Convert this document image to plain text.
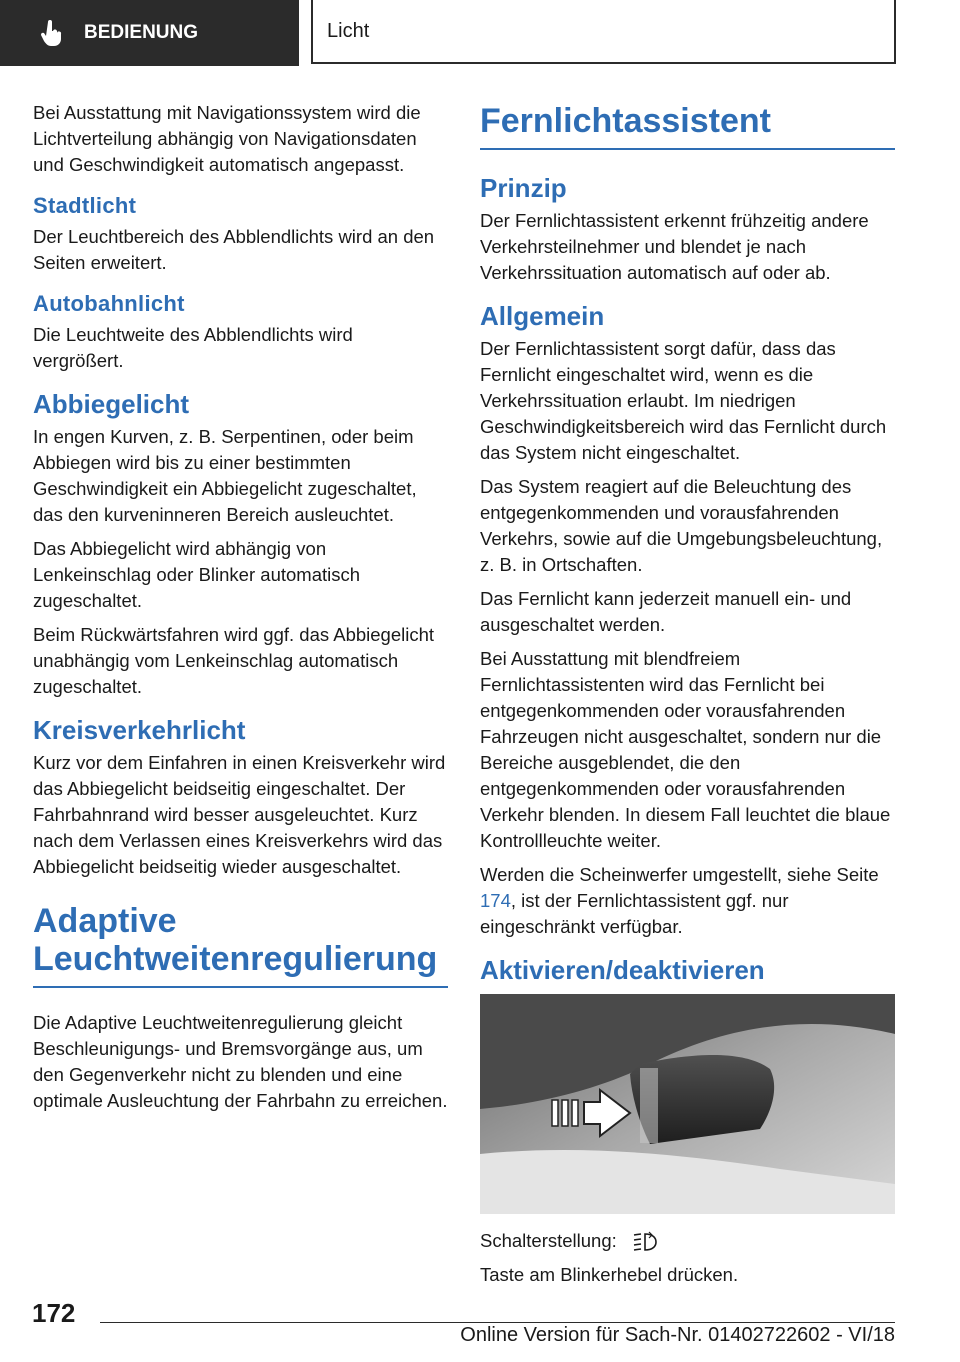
BEDIENUNG	Licht

Bei Ausstattung mit Navigationssystem wird die Lichtverteilung abhängig von Navigationsdaten und Geschwindigkeit automatisch angepasst.

Stadtlicht

Der Leuchtbereich des Abblendlichts wird an den Seiten erweitert.

Autobahnlicht

Die Leuchtweite des Abblendlichts wird vergrößert.

Abbiegelicht

In engen Kurven, z. B. Serpentinen, oder beim Abbiegen wird bis zu einer bestimmten Geschwindigkeit ein Abbiegelicht zugeschaltet, das den kurveninneren Bereich ausleuchtet.

Das Abbiegelicht wird abhängig von Lenkeinschlag oder Blinker automatisch zugeschaltet.

Beim Rückwärtsfahren wird ggf. das Abbiegelicht unabhängig vom Lenkeinschlag automatisch zugeschaltet.

Kreisverkehrlicht

Kurz vor dem Einfahren in einen Kreisverkehr wird das Abbiegelicht beidseitig eingeschaltet. Der Fahrbahnrand wird besser ausgeleuchtet. Kurz nach dem Verlassen eines Kreisverkehrs wird das Abbiegelicht beidseitig wieder ausgeschaltet.

Adaptive Leuchtweitenregulierung

Die Adaptive Leuchtweitenregulierung gleicht Beschleunigungs- und Bremsvorgänge aus, um den Gegenverkehr nicht zu blenden und eine optimale Ausleuchtung der Fahrbahn zu erreichen.

Fernlichtassistent
Prinzip

Der Fernlichtassistent erkennt frühzeitig andere Verkehrsteilnehmer und blendet je nach Verkehrssituation automatisch auf oder ab.

Allgemein

Der Fernlichtassistent sorgt dafür, dass das Fernlicht eingeschaltet wird, wenn es die Verkehrssituation erlaubt. Im niedrigen Geschwindigkeitsbereich wird das Fernlicht durch das System nicht eingeschaltet.

Das System reagiert auf die Beleuchtung des entgegenkommenden und vorausfahrenden Verkehrs, sowie auf die Umgebungsbeleuchtung, z. B. in Ortschaften.

Das Fernlicht kann jederzeit manuell ein- und ausgeschaltet werden.

Bei Ausstattung mit blendfreiem Fernlichtassistenten wird das Fernlicht bei entgegenkommenden oder vorausfahrenden Fahrzeugen nicht ausgeschaltet, sondern nur die Bereiche ausgeblendet, die den entgegenkommenden oder vorausfahrenden Verkehr blenden. In diesem Fall leuchtet die blaue Kontrollleuchte weiter.

Werden die Scheinwerfer umgestellt, siehe Seite 174, ist der Fernlichtassistent ggf. nur eingeschränkt verfügbar.

Aktivieren/deaktivieren

Schalterstellung:

Taste am Blinkerhebel drücken.

172
Online Version für Sach-Nr. 01402722602 - VI/18
